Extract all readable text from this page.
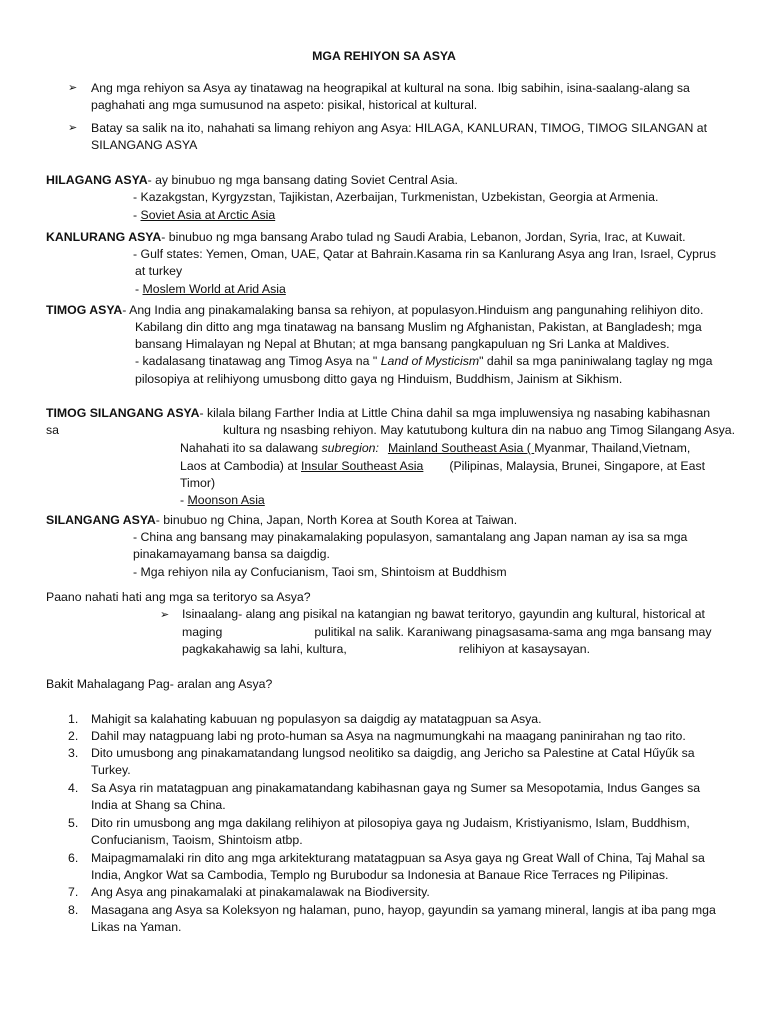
MGA REHIYON SA ASYA
➢	Ang mga rehiyon sa Asya ay tinatawag na heograpikal at kultural na sona. Ibig sabihin, isina-saalang-alang sa paghahati ang mga sumusunod na aspeto: pisikal, historical at kultural.
➢	Batay sa salik na ito, nahahati sa limang rehiyon ang Asya: HILAGA, KANLURAN, TIMOG, TIMOG SILANGAN at SILANGANG ASYA
HILAGANG ASYA- ay binubuo ng mga bansang dating Soviet Central Asia.
- Kazakgstan, Kyrgyzstan, Tajikistan, Azerbaijan, Turkmenistan, Uzbekistan, Georgia at Armenia.
- Soviet Asia at Arctic Asia
KANLURANG ASYA- binubuo ng mga bansang Arabo tulad ng Saudi Arabia, Lebanon, Jordan, Syria, Irac, at Kuwait.
- Gulf states: Yemen, Oman, UAE, Qatar at Bahrain.Kasama rin sa Kanlurang Asya ang Iran, Israel, Cyprus
at turkey
- Moslem World at Arid Asia
TIMOG ASYA- Ang India ang pinakamalaking bansa sa rehiyon, at populasyon.Hinduism ang pangunahing relihiyon dito.
Kabilang din ditto ang mga tinatawag na bansang Muslim ng Afghanistan, Pakistan, at Bangladesh; mga
bansang Himalayan ng Nepal at Bhutan; at mga bansang pangkapuluan ng Sri Lanka at Maldives.
- kadalasang tinatawag ang Timog Asya na " Land of Mysticism" dahil sa mga paniniwalang taglay ng mga
pilosopiya at relihiyong umusbong ditto gaya ng Hinduism, Buddhism, Jainism at Sikhism.
TIMOG SILANGANG ASYA- kilala bilang Farther India at Little China dahil sa mga impluwensiya ng nasabing kabihasnan
sa	kultura ng nsasbing rehiyon. May katutubong kultura din na nabuo ang Timog Silangang Asya.
Nahahati ito sa dalawang subregion: Mainland Southeast Asia ( Myanmar, Thailand,Vietnam,
Laos at Cambodia) at Insular Southeast Asia (Pilipinas, Malaysia, Brunei, Singapore, at East
Timor)
- Moonson Asia
SILANGANG ASYA- binubuo ng China, Japan, North Korea at South Korea at Taiwan.
- China ang bansang may pinakamalaking populasyon, samantalang ang Japan naman ay isa sa mga
pinakamayamang bansa sa daigdig.
- Mga rehiyon nila ay Confucianism, Taoi sm, Shintoism at Buddhism
Paano nahati hati ang mga sa teritoryo sa Asya?
➢ Isinaalang- alang ang pisikal na katangian ng bawat teritoryo, gayundin ang kultural, historical at
maging	pulitikal na salik. Karaniwang pinagsasama-sama ang mga bansang may
pagkakahawig sa lahi, kultura,	relihiyon at kasaysayan.
Bakit Mahalagang Pag- aralan ang Asya?
1.	Mahigit sa kalahating kabuuan ng populasyon sa daigdig ay matatagpuan sa Asya.
2.	Dahil may natagpuang labi ng proto-human sa Asya na nagmumungkahi na maagang paninirahan ng tao rito.
3.	Dito umusbong ang pinakamatandang lungsod neolitiko sa daigdig, ang Jericho sa Palestine at Catal Hűyűk sa
Turkey.
4.	Sa Asya rin matatagpuan ang pinakamatandang kabihasnan gaya ng Sumer sa Mesopotamia, Indus Ganges sa
India at Shang sa China.
5.	Dito rin umusbong ang mga dakilang relihiyon at pilosopiya gaya ng Judaism, Kristiyanismo, Islam, Buddhism,
Confucianism, Taoism, Shintoism atbp.
6.	Maipagmamalaki rin dito ang mga arkitekturang matatagpuan sa Asya gaya ng Great Wall of China, Taj Mahal sa
India, Angkor Wat sa Cambodia, Templo ng Burubodur sa Indonesia at Banaue Rice Terraces ng Pilipinas.
7.	Ang Asya ang pinakamalaki at pinakamalawak na Biodiversity.
8.	Masagana ang Asya sa Koleksyon ng halaman, puno, hayop, gayundin sa yamang mineral, langis at iba pang mga
Likas na Yaman.
